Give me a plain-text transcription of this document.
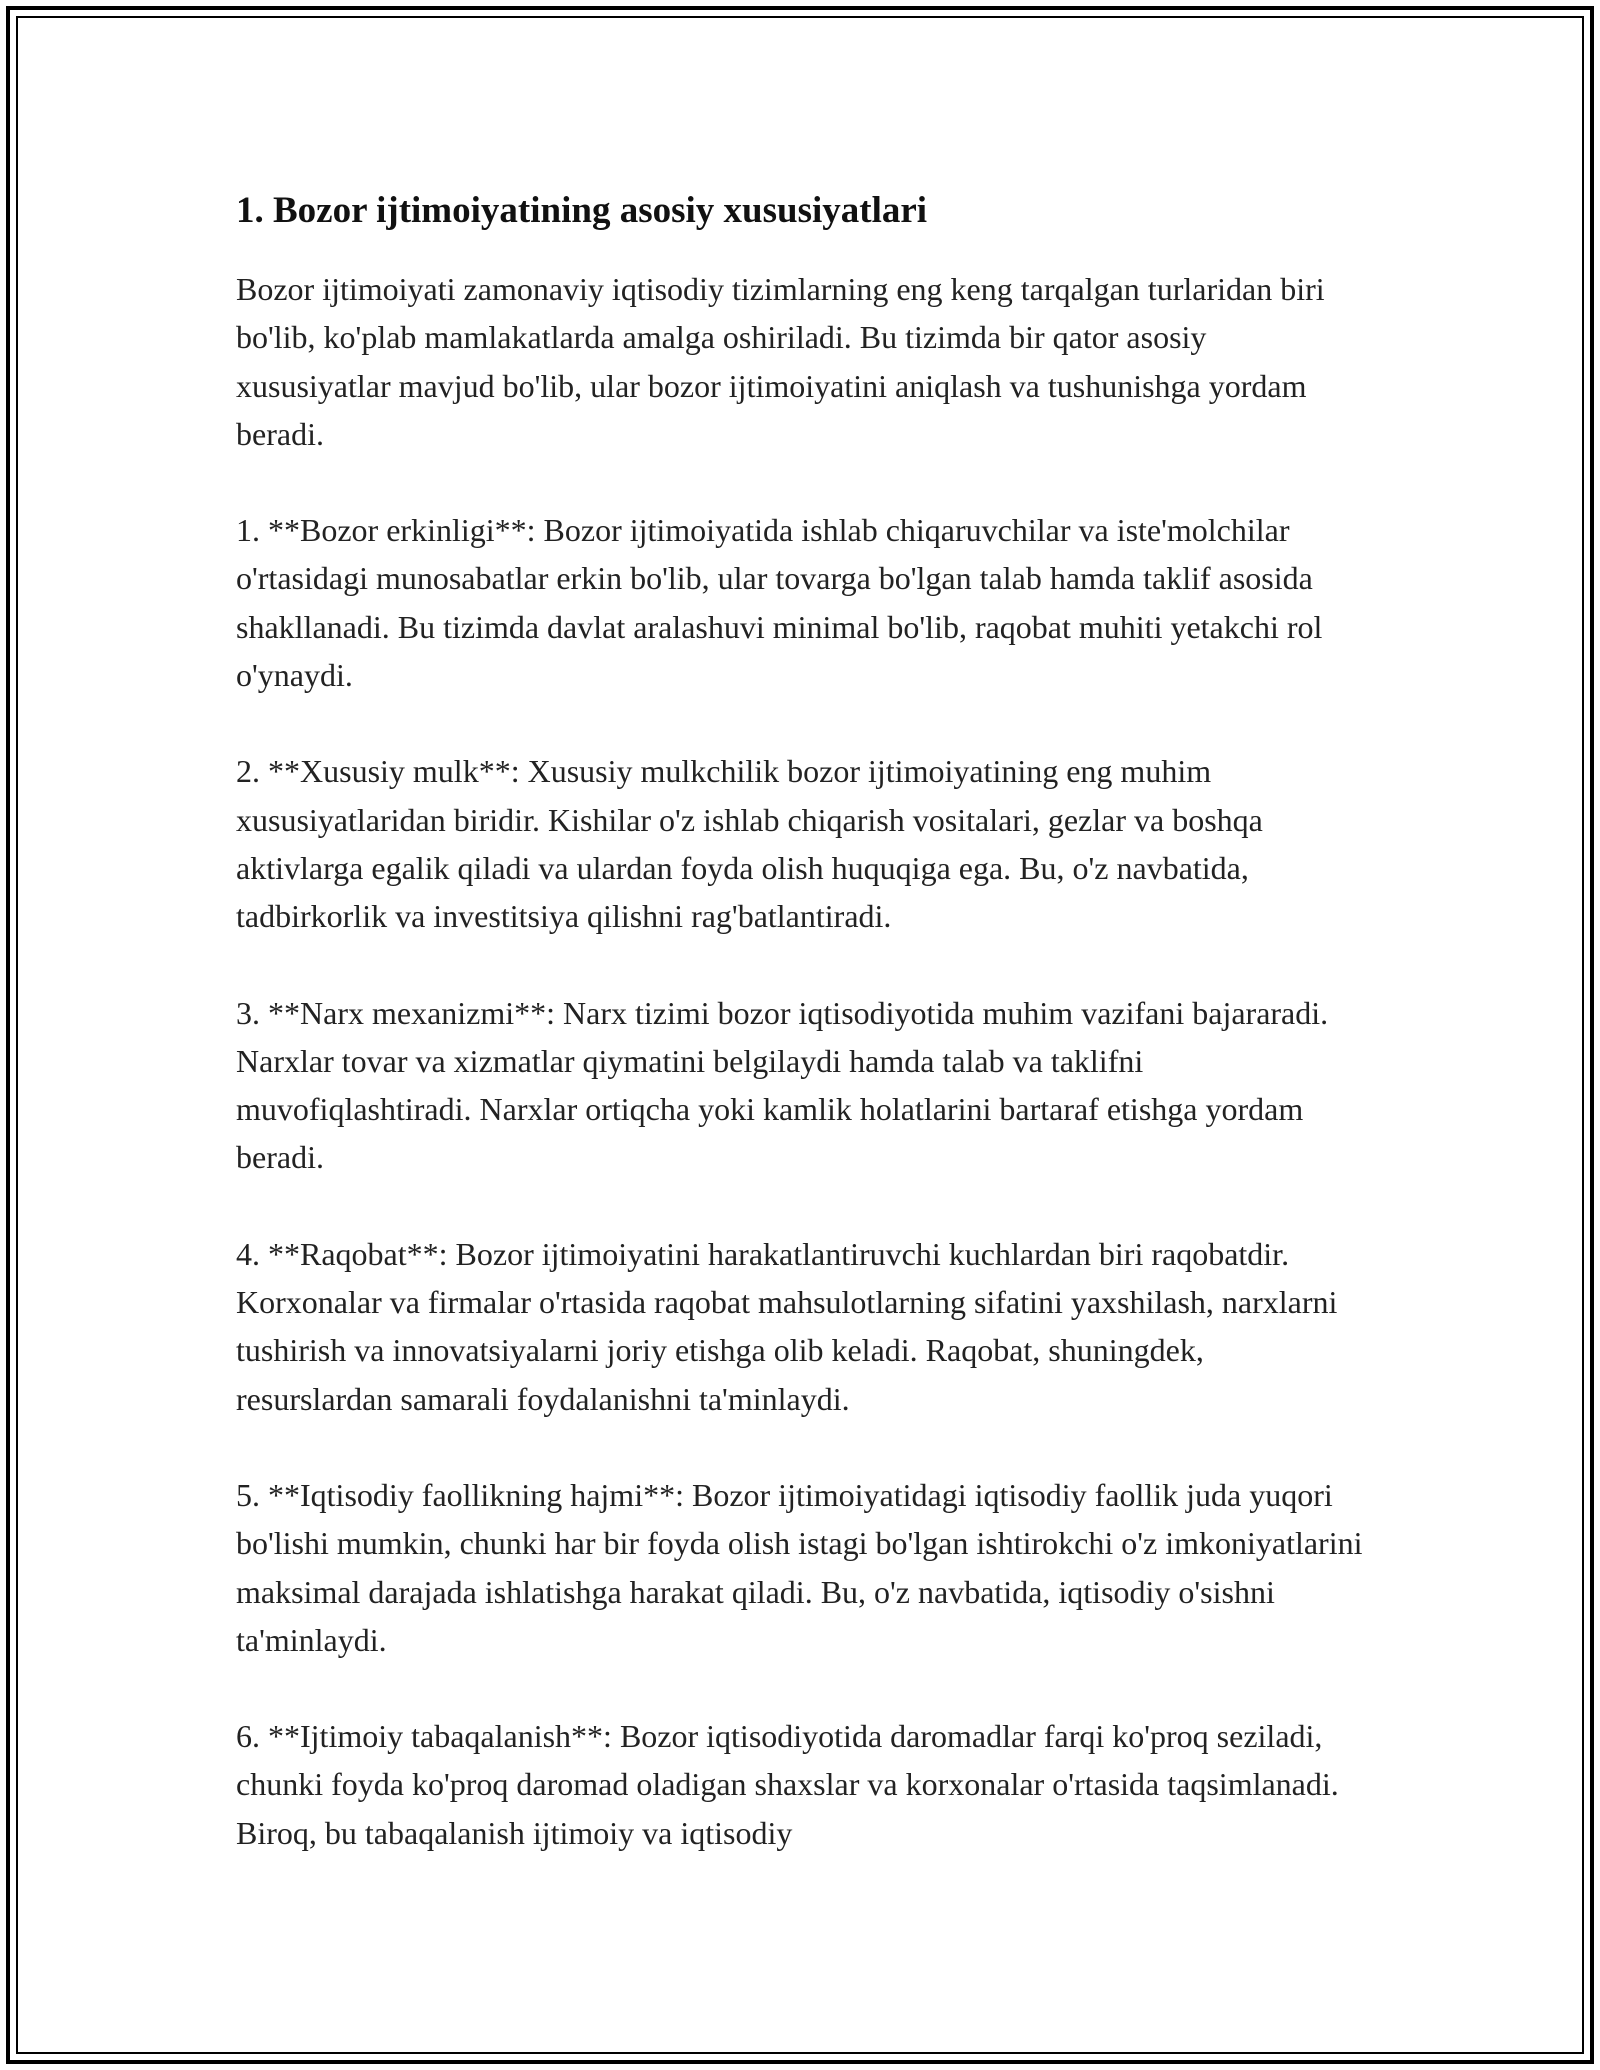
1. Bozor ijtimoiyatining asosiy xususiyatlari

Bozor ijtimoiyati zamonaviy iqtisodiy tizimlarning eng keng tarqalgan turlaridan biri bo'lib, ko'plab mamlakatlarda amalga oshiriladi. Bu tizimda bir qator asosiy xususiyatlar mavjud bo'lib, ular bozor ijtimoiyatini aniqlash va tushunishga yordam beradi.

1. **Bozor erkinligi**: Bozor ijtimoiyatida ishlab chiqaruvchilar va iste'molchilar o'rtasidagi munosabatlar erkin bo'lib, ular tovarga bo'lgan talab hamda taklif asosida shakllanadi. Bu tizimda davlat aralashuvi minimal bo'lib, raqobat muhiti yetakchi rol o'ynaydi.

2. **Xususiy mulk**: Xususiy mulkchilik bozor ijtimoiyatining eng muhim xususiyatlaridan biridir. Kishilar o'z ishlab chiqarish vositalari, gezlar va boshqa aktivlarga egalik qiladi va ulardan foyda olish huquqiga ega. Bu, o'z navbatida, tadbirkorlik va investitsiya qilishni rag'batlantiradi.

3. **Narx mexanizmi**: Narx tizimi bozor iqtisodiyotida muhim vazifani bajararadi. Narxlar tovar va xizmatlar qiymatini belgilaydi hamda talab va taklifni muvofiqlashtiradi. Narxlar ortiqcha yoki kamlik holatlarini bartaraf etishga yordam beradi.

4. **Raqobat**: Bozor ijtimoiyatini harakatlantiruvchi kuchlardan biri raqobatdir. Korxonalar va firmalar o'rtasida raqobat mahsulotlarning sifatini yaxshilash, narxlarni tushirish va innovatsiyalarni joriy etishga olib keladi. Raqobat, shuningdek, resurslardan samarali foydalanishni ta'minlaydi.

5. **Iqtisodiy faollikning hajmi**: Bozor ijtimoiyatidagi iqtisodiy faollik juda yuqori bo'lishi mumkin, chunki har bir foyda olish istagi bo'lgan ishtirokchi o'z imkoniyatlarini maksimal darajada ishlatishga harakat qiladi. Bu, o'z navbatida, iqtisodiy o'sishni ta'minlaydi.

6. **Ijtimoiy tabaqalanish**: Bozor iqtisodiyotida daromadlar farqi ko'proq seziladi, chunki foyda ko'proq daromad oladigan shaxslar va korxonalar o'rtasida taqsimlanadi. Biroq, bu tabaqalanish ijtimoiy va iqtisodiy
